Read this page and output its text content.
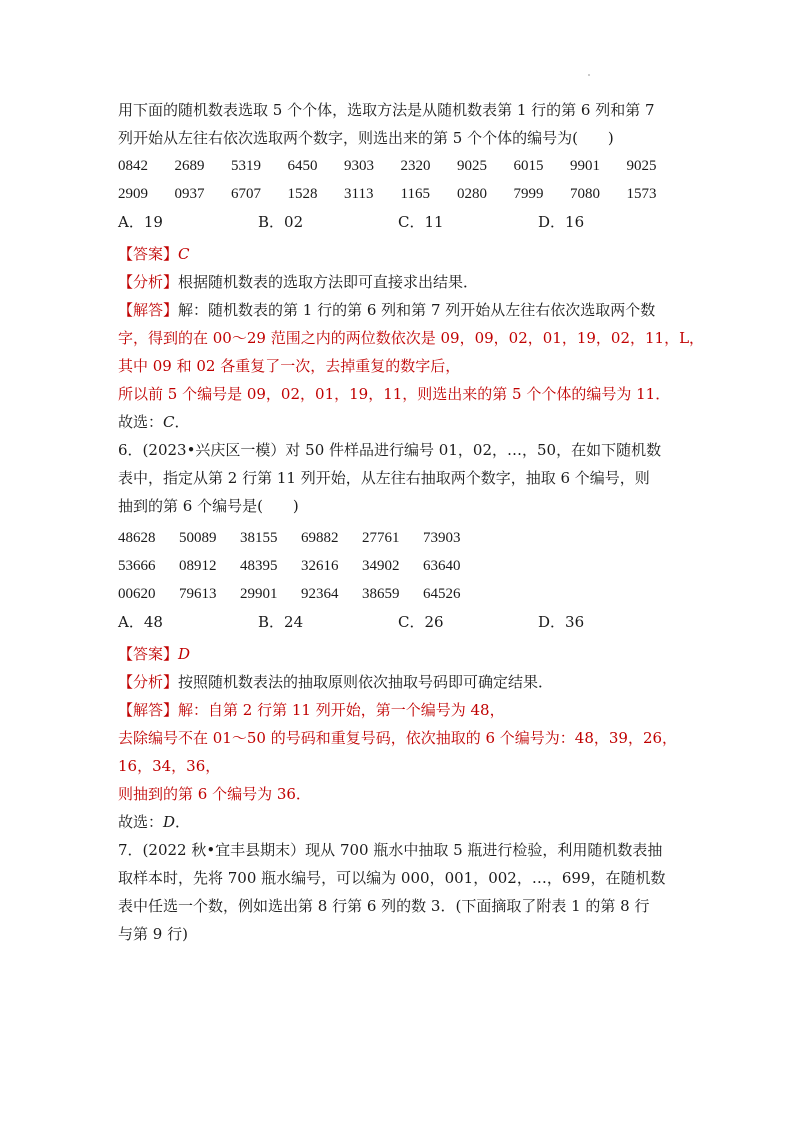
用下面的随机数表选取 5 个个体，选取方法是从随机数表第 1 行的第 6 列和第 7
列开始从左往右依次选取两个数字，则选出来的第 5 个个体的编号为(　　)
0842	2689	5319	6450	9303	2320	9025	6015	9901	9025
2909	0937	6707	1528	3113	1165	0280	7999	7080	1573
A．19	B．02	C．11	D．16
【答案】C
【分析】根据随机数表的选取方法即可直接求出结果．
【解答】解：随机数表的第 1 行的第 6 列和第 7 列开始从左往右依次选取两个数
字，得到的在 00～29 范围之内的两位数依次是 09，09，02，01，19，02，11，L，
其中 09 和 02 各重复了一次，去掉重复的数字后，
所以前 5 个编号是 09，02，01，19，11，则选出来的第 5 个个体的编号为 11．
故选：C．
6．(2023•兴庆区一模）对 50 件样品进行编号 01，02，…，50，在如下随机数
表中，指定从第 2 行第 11 列开始，从左往右抽取两个数字，抽取 6 个编号，则
抽到的第 6 个编号是(　　)
48628	50089	38155	69882	27761	73903
53666	08912	48395	32616	34902	63640
00620	79613	29901	92364	38659	64526
A．48	B．24	C．26	D．36
【答案】D
【分析】按照随机数表法的抽取原则依次抽取号码即可确定结果．
【解答】解：自第 2 行第 11 列开始，第一个编号为 48，
去除编号不在 01～50 的号码和重复号码，依次抽取的 6 个编号为：48，39，26，
16，34，36，
则抽到的第 6 个编号为 36．
故选：D．
7．(2022 秋•宜丰县期末）现从 700 瓶水中抽取 5 瓶进行检验，利用随机数表抽
取样本时，先将 700 瓶水编号，可以编为 000，001，002，…，699，在随机数
表中任选一个数，例如选出第 8 行第 6 列的数 3．(下面摘取了附表 1 的第 8 行
与第 9 行)
